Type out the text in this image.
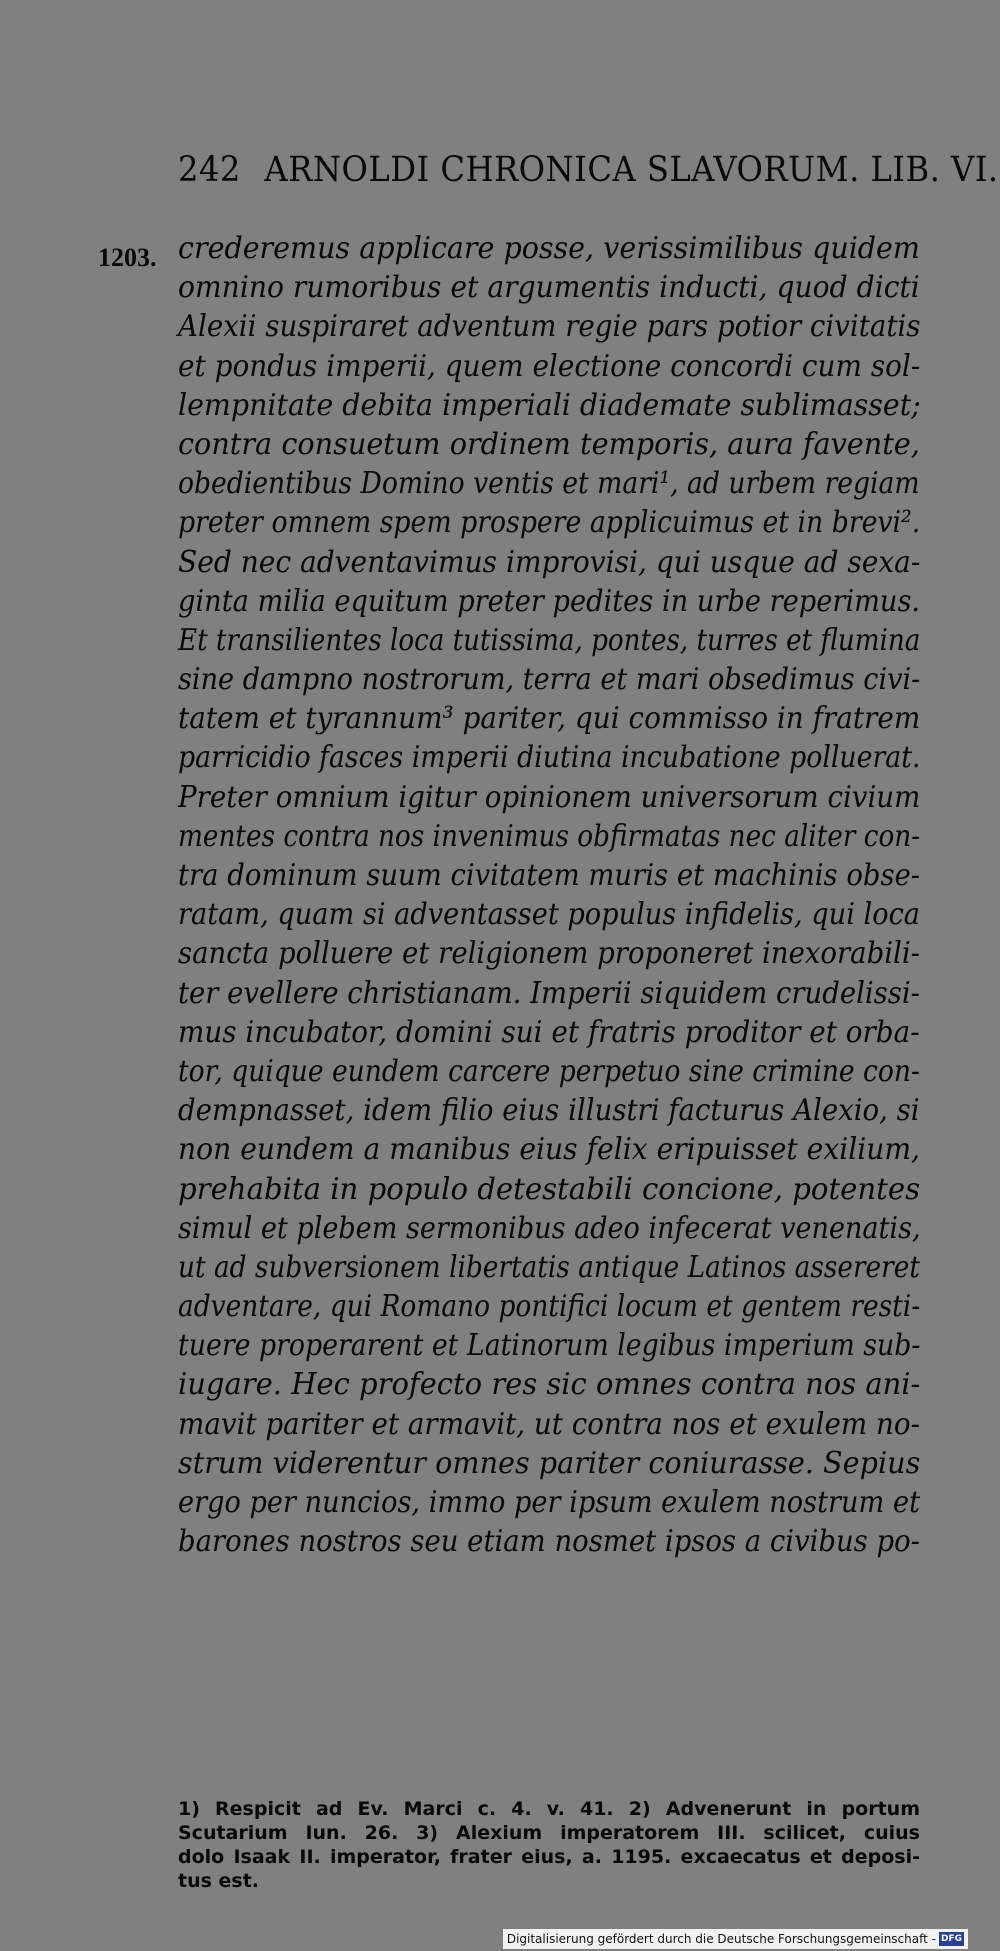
242 ARNOLDI CHRONICA SLAVORUM. LIB. VI.
1203. crederemus applicare posse, verissimilibus quidem
omnino rumoribus et argumentis inducti, quod dicti
Alexii suspiraret adventum regie pars potior civitatis
et pondus imperii, quem electione concordi cum sol-
lempnitate debita imperiali diademate sublimasset;
contra consuetum ordinem temporis, aura favente,
obedientibus Domino ventis et mari¹, ad urbem regiam
preter omnem spem prospere applicuimus et in brevi².
Sed nec adventavimus improvisi, qui usque ad sexa-
ginta milia equitum preter pedites in urbe reperimus.
Et transilientes loca tutissima, pontes, turres et flumina
sine dampno nostrorum, terra et mari obsedimus civi-
tatem et tyrannum³ pariter, qui commisso in fratrem
parricidio fasces imperii diutina incubatione polluerat.
Preter omnium igitur opinionem universorum civium
mentes contra nos invenimus obfirmatas nec aliter con-
tra dominum suum civitatem muris et machinis obse-
ratam, quam si adventasset populus infidelis, qui loca
sancta polluere et religionem proponeret inexorabili-
ter evellere christianam. Imperii siquidem crudelissi-
mus incubator, domini sui et fratris proditor et orba-
tor, quique eundem carcere perpetuo sine crimine con-
dempnasset, idem filio eius illustri facturus Alexio, si
non eundem a manibus eius felix eripuisset exilium,
prehabita in populo detestabili concione, potentes
simul et plebem sermonibus adeo infecerat venenatis,
ut ad subversionem libertatis antique Latinos assereret
adventare, qui Romano pontifici locum et gentem resti-
tuere properarent et Latinorum legibus imperium sub-
iugare. Hec profecto res sic omnes contra nos ani-
mavit pariter et armavit, ut contra nos et exulem no-
strum viderentur omnes pariter coniurasse. Sepius
ergo per nuncios, immo per ipsum exulem nostrum et
barones nostros seu etiam nosmet ipsos a civibus po-
1) Respicit ad Ev. Marci c. 4. v. 41. 2) Advenerunt in portum
Scutarium Iun. 26. 3) Alexium imperatorem III. scilicet, cuius
dolo Isaak II. imperator, frater eius, a. 1195. excaecatus et deposi-
tus est.
Digitalisierung gefördert durch die Deutsche Forschungsgemeinschaft - DFG
